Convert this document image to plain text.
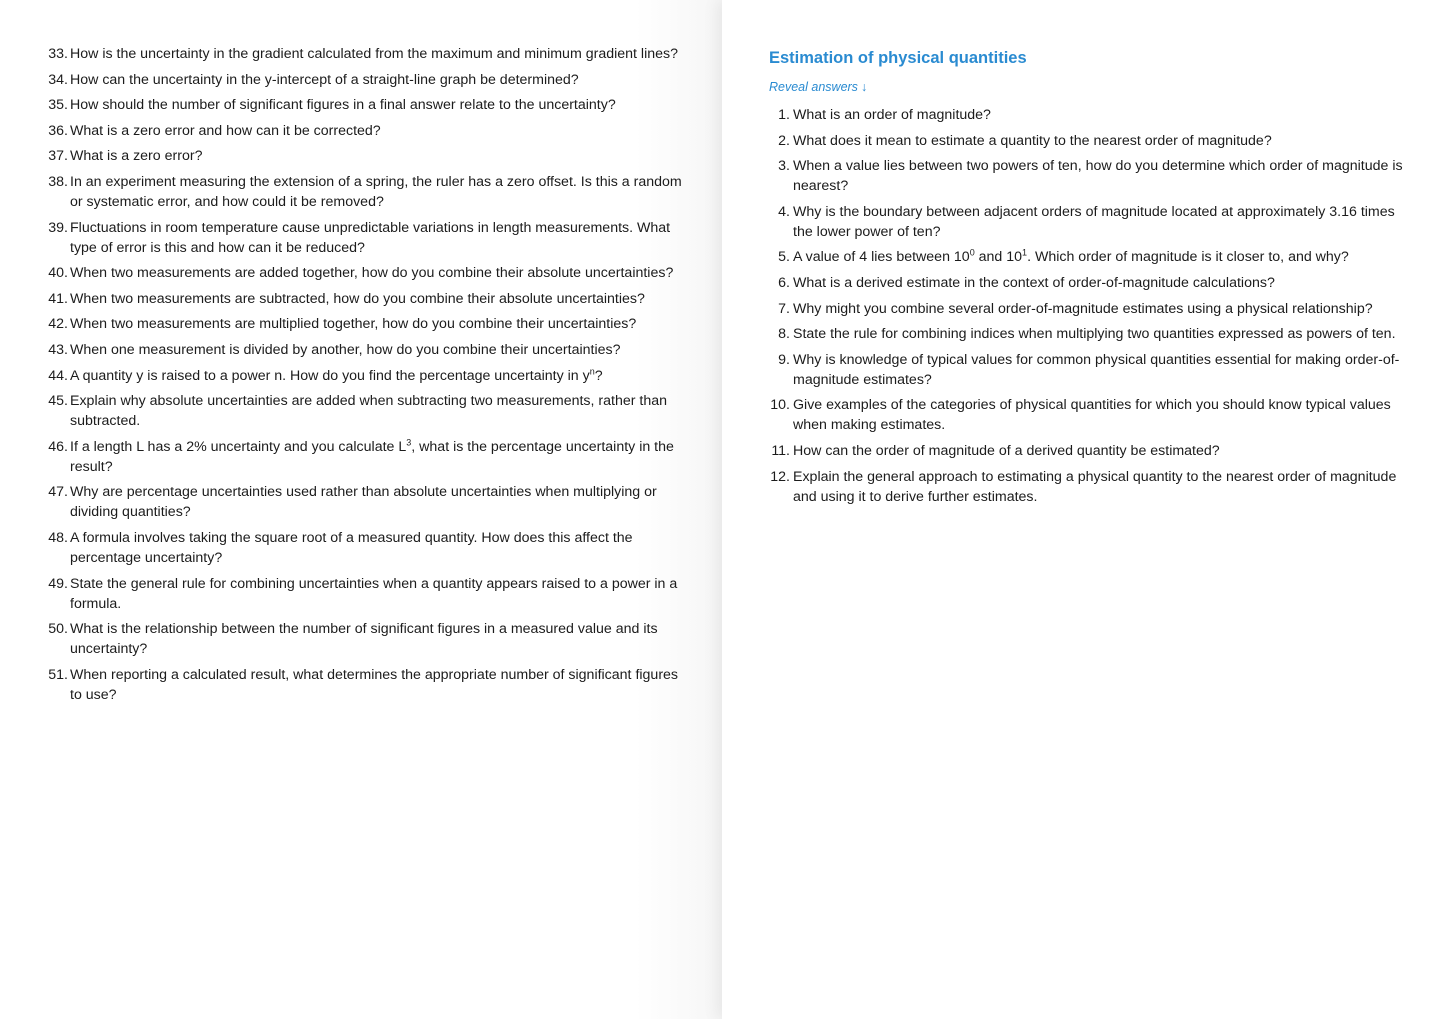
33. How is the uncertainty in the gradient calculated from the maximum and minimum gradient lines?
34. How can the uncertainty in the y-intercept of a straight-line graph be determined?
35. How should the number of significant figures in a final answer relate to the uncertainty?
36. What is a zero error and how can it be corrected?
37. What is a zero error?
38. In an experiment measuring the extension of a spring, the ruler has a zero offset. Is this a random or systematic error, and how could it be removed?
39. Fluctuations in room temperature cause unpredictable variations in length measurements. What type of error is this and how can it be reduced?
40. When two measurements are added together, how do you combine their absolute uncertainties?
41. When two measurements are subtracted, how do you combine their absolute uncertainties?
42. When two measurements are multiplied together, how do you combine their uncertainties?
43. When one measurement is divided by another, how do you combine their uncertainties?
44. A quantity y is raised to a power n. How do you find the percentage uncertainty in $y^n$?
45. Explain why absolute uncertainties are added when subtracting two measurements, rather than subtracted.
46. If a length L has a 2% uncertainty and you calculate $L^3$, what is the percentage uncertainty in the result?
47. Why are percentage uncertainties used rather than absolute uncertainties when multiplying or dividing quantities?
48. A formula involves taking the square root of a measured quantity. How does this affect the percentage uncertainty?
49. State the general rule for combining uncertainties when a quantity appears raised to a power in a formula.
50. What is the relationship between the number of significant figures in a measured value and its uncertainty?
51. When reporting a calculated result, what determines the appropriate number of significant figures to use?
Estimation of physical quantities
Reveal answers ↓
1. What is an order of magnitude?
2. What does it mean to estimate a quantity to the nearest order of magnitude?
3. When a value lies between two powers of ten, how do you determine which order of magnitude is nearest?
4. Why is the boundary between adjacent orders of magnitude located at approximately 3.16 times the lower power of ten?
5. A value of 4 lies between $10^0$ and $10^1$. Which order of magnitude is it closer to, and why?
6. What is a derived estimate in the context of order-of-magnitude calculations?
7. Why might you combine several order-of-magnitude estimates using a physical relationship?
8. State the rule for combining indices when multiplying two quantities expressed as powers of ten.
9. Why is knowledge of typical values for common physical quantities essential for making order-of-magnitude estimates?
10. Give examples of the categories of physical quantities for which you should know typical values when making estimates.
11. How can the order of magnitude of a derived quantity be estimated?
12. Explain the general approach to estimating a physical quantity to the nearest order of magnitude and using it to derive further estimates.
